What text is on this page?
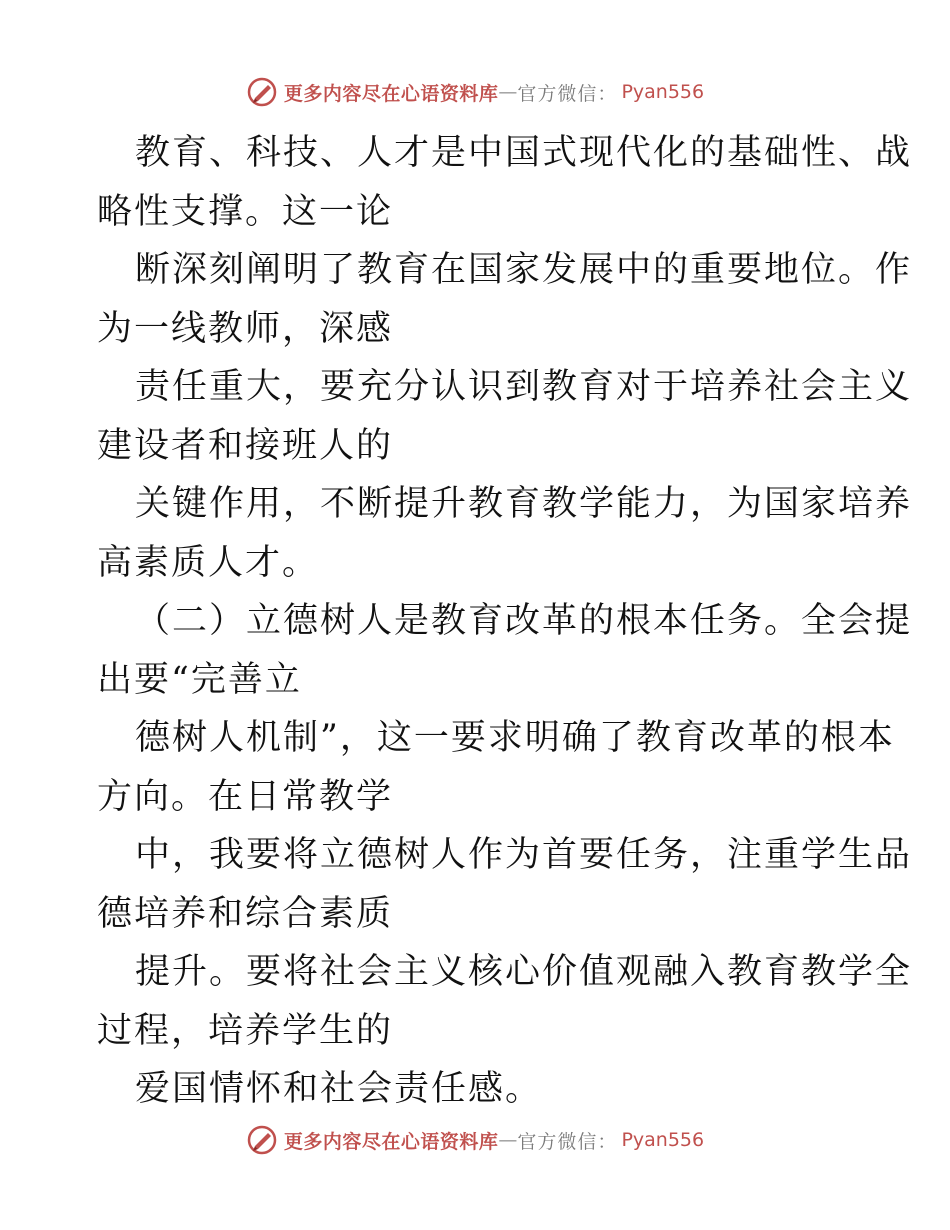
更多内容尽在心语资料库 — 官方微信： Pyan556

教育、科技、人才是中国式现代化的基础性、战
略性支撑。这一论

断深刻阐明了教育在国家发展中的重要地位。作
为一线教师，深感

责任重大，要充分认识到教育对于培养社会主义
建设者和接班人的

关键作用，不断提升教育教学能力，为国家培养
高素质人才。

（二）立德树人是教育改革的根本任务。全会提
出要“完善立

德树人机制”，这一要求明确了教育改革的根本
方向。在日常教学

中，我要将立德树人作为首要任务，注重学生品
德培养和综合素质

提升。要将社会主义核心价值观融入教育教学全
过程，培养学生的

爱国情怀和社会责任感。

更多内容尽在心语资料库 — 官方微信： Pyan556
